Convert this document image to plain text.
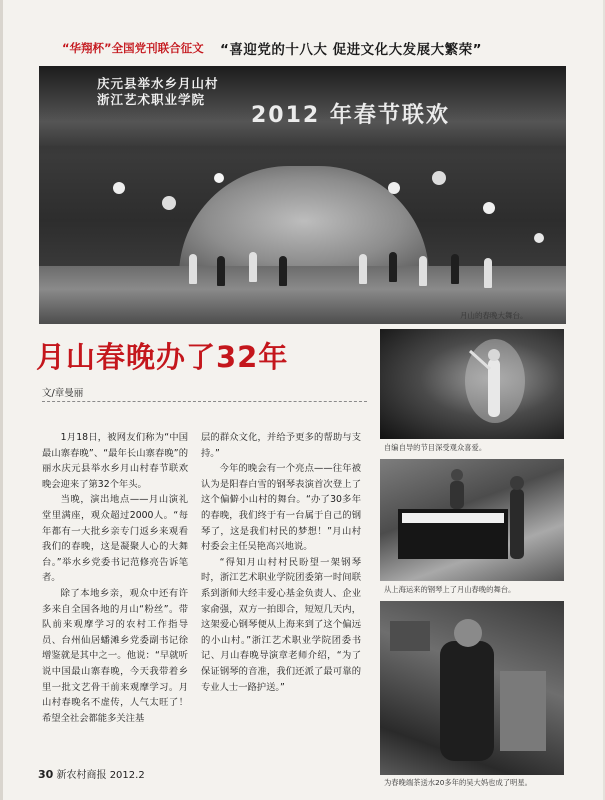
“华翔杯”全国党刊联合征文 “喜迎党的十八大 促进文化大发展大繁荣”
庆元县举水乡月山村
浙江艺术职业学院
2012 年春节联欢
月山的春晚大舞台。
月山春晚办了32年
文/章曼丽

1月18日，被网友们称为“中国最山寨春晚”、“最年长山寨春晚”的丽水庆元县举水乡月山村春节联欢晚会迎来了第32个年头。

当晚，演出地点——月山演礼堂里满座，观众超过2000人。“每年都有一大批乡亲专门返乡来观看我们的春晚，这是凝聚人心的大舞台。”举水乡党委书记范修亮告诉笔者。

除了本地乡亲，观众中还有许多来自全国各地的月山“粉丝”。带队前来观摩学习的农村工作指导员、台州仙居蟠滩乡党委副书记徐增鉴就是其中之一。他说：“早就听说中国最山寨春晚，今天我带着乡里一批文艺骨干前来观摩学习。月山村春晚名不虚传，人气太旺了！希望全社会都能多关注基

层的群众文化，并给予更多的帮助与支持。”

今年的晚会有一个亮点——往年被认为是阳春白雪的钢琴表演首次登上了这个偏僻小山村的舞台。“办了30多年的春晚，我们终于有一台属于自己的钢琴了，这是我们村民的梦想！”月山村村委会主任吴艳高兴地说。

“得知月山村村民盼望一架钢琴时，浙江艺术职业学院团委第一时间联系到浙师大经丰爱心基金负责人、企业家俞强，双方一拍即合，短短几天内，这架爱心钢琴便从上海来到了这个偏远的小山村。”浙江艺术职业学院团委书记、月山春晚导演章老师介绍，“为了保证钢琴的音准，我们还派了最可靠的专业人士一路护送。”

自编自导的节目深受观众喜爱。
从上海运来的钢琴上了月山春晚的舞台。
为春晚端茶送水20多年的吴大妈也成了明星。
30 新农村商报 2012.2
